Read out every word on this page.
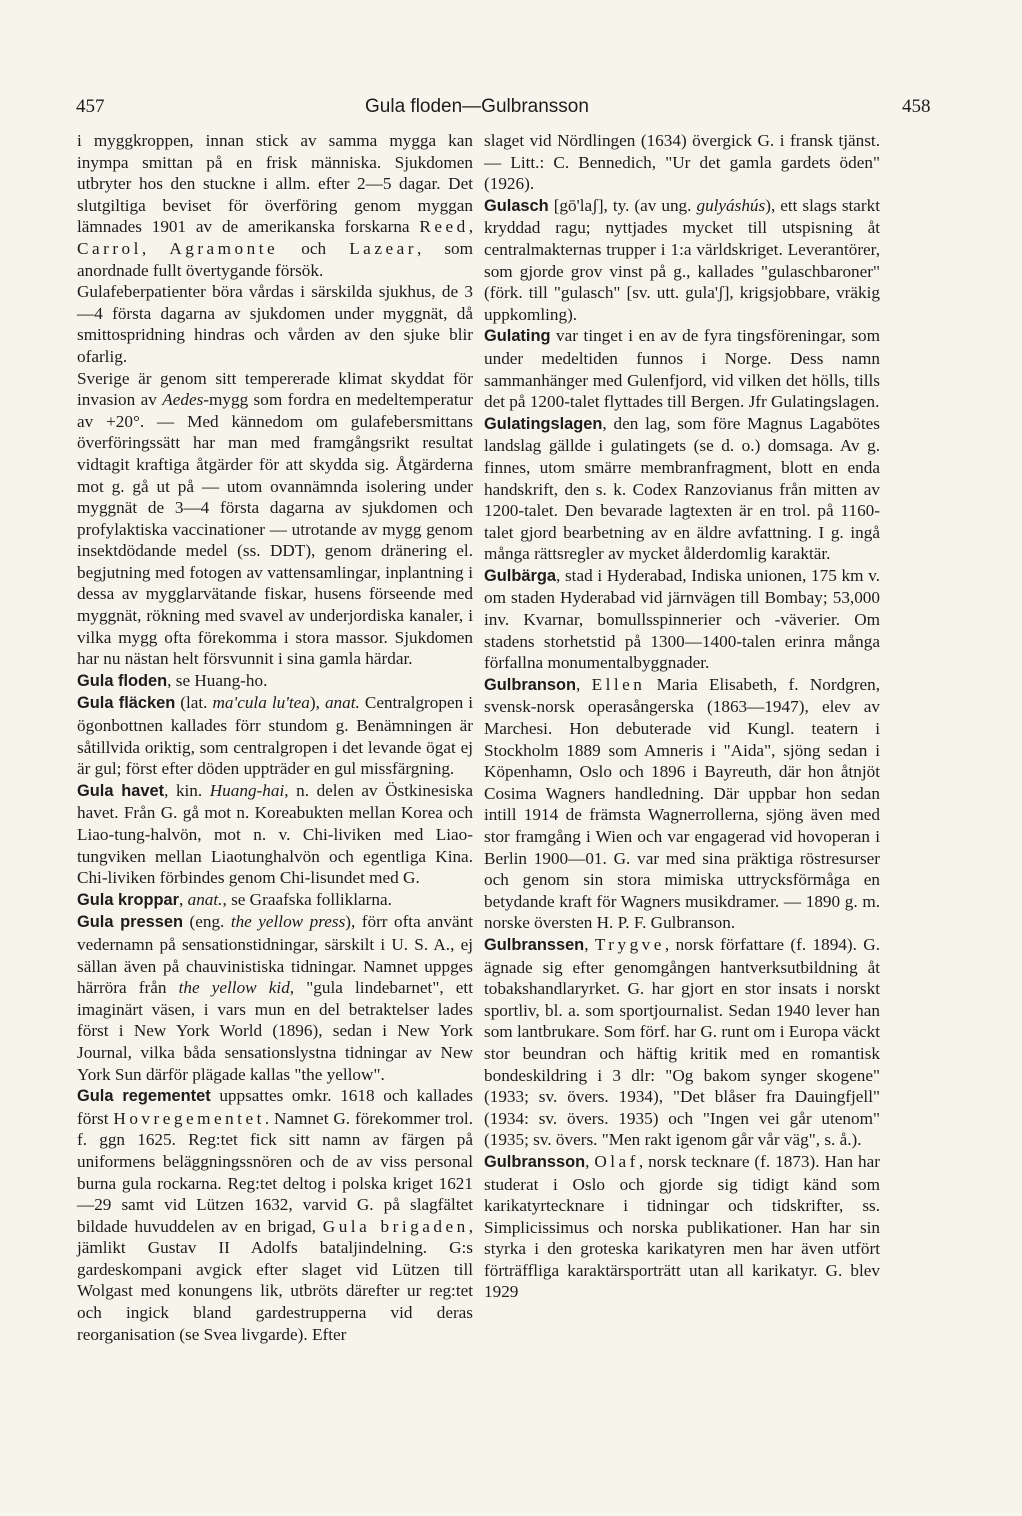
457	Gula floden—Gulbransson	458

i myggkroppen, innan stick av samma mygga kan inympa smittan på en frisk människa. Sjukdomen utbryter hos den stuckne i allm. efter 2—5 dagar. Det slutgiltiga beviset för överföring genom myggan lämnades 1901 av de amerikanska forskarna Reed, Carrol, Agramonte och Lazear, som anordnade fullt övertygande försök.

Gulafeberpatienter böra vårdas i särskilda sjukhus, de 3—4 första dagarna av sjukdomen under myggnät, då smittospridning hindras och vården av den sjuke blir ofarlig.

Sverige är genom sitt tempererade klimat skyddat för invasion av Aedes-mygg som fordra en medeltemperatur av +20°. — Med kännedom om gulafebersmittans överföringssätt har man med framgångsrikt resultat vidtagit kraftiga åtgärder för att skydda sig. Åtgärderna mot g. gå ut på — utom ovannämnda isolering under myggnät de 3—4 första dagarna av sjukdomen och profylaktiska vaccinationer — utrotande av mygg genom insektdödande medel (ss. DDT), genom dränering el. begjutning med fotogen av vattensamlingar, inplantning i dessa av mygglarvätande fiskar, husens förseende med myggnät, rökning med svavel av underjordiska kanaler, i vilka mygg ofta förekomma i stora massor. Sjukdomen har nu nästan helt försvunnit i sina gamla härdar.

Gula floden, se Huang-ho.

Gula fläcken (lat. ma'cula lu'tea), anat. Centralgropen i ögonbottnen kallades förr stundom g. Benämningen är såtillvida oriktig, som centralgropen i det levande ögat ej är gul; först efter döden uppträder en gul missfärgning.

Gula havet, kin. Huang-hai, n. delen av Östkinesiska havet. Från G. gå mot n. Koreabukten mellan Korea och Liao-tung-halvön, mot n. v. Chi-liviken med Liao-tungviken mellan Liaotunghalvön och egentliga Kina. Chi-liviken förbindes genom Chi-lisundet med G.

Gula kroppar, anat., se Graafska folliklarna.

Gula pressen (eng. the yellow press), förr ofta använt vedernamn på sensationstidningar, särskilt i U. S. A., ej sällan även på chauvinistiska tidningar. Namnet uppges härröra från the yellow kid, "gula lindebarnet", ett imaginärt väsen, i vars mun en del betraktelser lades först i New York World (1896), sedan i New York Journal, vilka båda sensationslystna tidningar av New York Sun därför plägade kallas "the yellow".

Gula regementet uppsattes omkr. 1618 och kallades först Hovregementet. Namnet G. förekommer trol. f. ggn 1625. Reg:tet fick sitt namn av färgen på uniformens beläggningssnören och de av viss personal burna gula rockarna. Reg:tet deltog i polska kriget 1621—29 samt vid Lützen 1632, varvid G. på slagfältet bildade huvuddelen av en brigad, Gula brigaden, jämlikt Gustav II Adolfs bataljindelning. G:s gardeskompani avgick efter slaget vid Lützen till Wolgast med konungens lik, utbröts därefter ur reg:tet och ingick bland gardestrupperna vid deras reorganisation (se Svea livgarde). Efter

slaget vid Nördlingen (1634) övergick G. i fransk tjänst. — Litt.: C. Bennedich, "Ur det gamla gardets öden" (1926).

Gulasch [gō'laʃ], ty. (av ung. gulyáshús), ett slags starkt kryddad ragu; nyttjades mycket till utspisning åt centralmakternas trupper i 1:a världskriget. Leverantörer, som gjorde grov vinst på g., kallades "gulaschbaroner" (förk. till "gulasch" [sv. utt. gula'ʃ], krigsjobbare, vräkig uppkomling).

Gulating var tinget i en av de fyra tingsföreningar, som under medeltiden funnos i Norge. Dess namn sammanhänger med Gulenfjord, vid vilken det hölls, tills det på 1200-talet flyttades till Bergen. Jfr Gulatingslagen.

Gulatingslagen, den lag, som före Magnus Lagabötes landslag gällde i gulatingets (se d. o.) domsaga. Av g. finnes, utom smärre membranfragment, blott en enda handskrift, den s. k. Codex Ranzovianus från mitten av 1200-talet. Den bevarade lagtexten är en trol. på 1160-talet gjord bearbetning av en äldre avfattning. I g. ingå många rättsregler av mycket ålderdomlig karaktär.

Gulbärga, stad i Hyderabad, Indiska unionen, 175 km v. om staden Hyderabad vid järnvägen till Bombay; 53,000 inv. Kvarnar, bomullsspinnerier och -väverier. Om stadens storhetstid på 1300—1400-talen erinra många förfallna monumentalbyggnader.

Gulbranson, Ellen Maria Elisabeth, f. Nordgren, svensk-norsk operasångerska (1863—1947), elev av Marchesi. Hon debuterade vid Kungl. teatern i Stockholm 1889 som Amneris i "Aida", sjöng sedan i Köpenhamn, Oslo och 1896 i Bayreuth, där hon åtnjöt Cosima Wagners handledning. Där uppbar hon sedan intill 1914 de främsta Wagnerrollerna, sjöng även med stor framgång i Wien och var engagerad vid hovoperan i Berlin 1900—01. G. var med sina präktiga röstresurser och genom sin stora mimiska uttrycksförmåga en betydande kraft för Wagners musikdramer. — 1890 g. m. norske översten H. P. F. Gulbranson.

Gulbranssen, Trygve, norsk författare (f. 1894). G. ägnade sig efter genomgången hantverksutbildning åt tobakshandlaryrket. G. har gjort en stor insats i norskt sportliv, bl. a. som sportjournalist. Sedan 1940 lever han som lantbrukare. Som förf. har G. runt om i Europa väckt stor beundran och häftig kritik med en romantisk bondeskildring i 3 dlr: "Og bakom synger skogene" (1933; sv. övers. 1934), "Det blåser fra Dauingfjell" (1934: sv. övers. 1935) och "Ingen vei går utenom" (1935; sv. övers. "Men rakt igenom går vår väg", s. å.).

Gulbransson, Olaf, norsk tecknare (f. 1873). Han har studerat i Oslo och gjorde sig tidigt känd som karikatyrtecknare i tidningar och tidskrifter, ss. Simplicissimus och norska publikationer. Han har sin styrka i den groteska karikatyren men har även utfört förträffliga karaktärsporträtt utan all karikatyr. G. blev 1929
